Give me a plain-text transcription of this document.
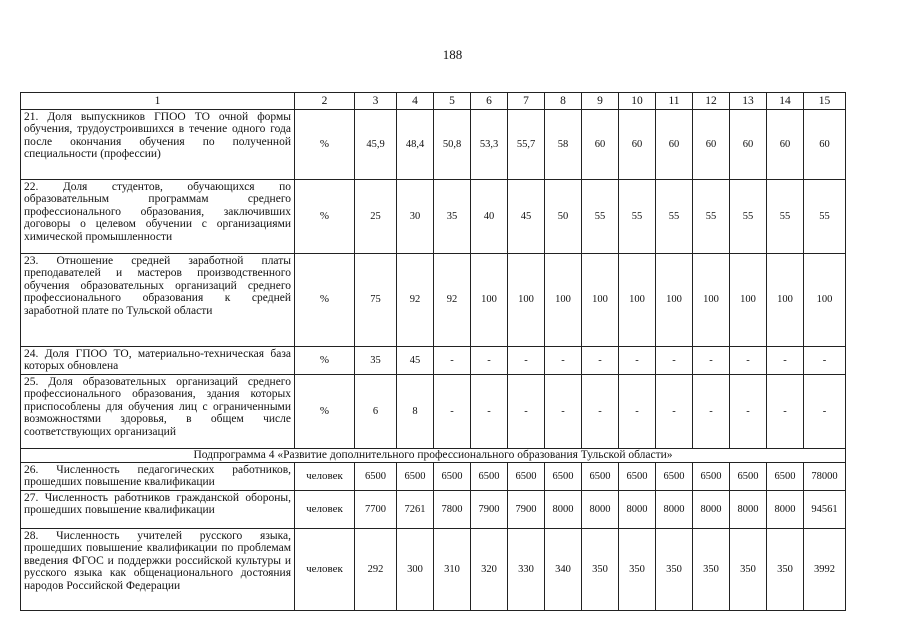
188
1	2	3	4	5	6	7	8	9	10	11	12	13	14	15
21. Доля выпускников ГПОО ТО очной формы обучения, трудоустроившихся в течение одного года после окончания обучения по полученной специальности (профессии)	%	45,9	48,4	50,8	53,3	55,7	58	60	60	60	60	60	60	60
22. Доля студентов, обучающихся по образовательным программам среднего профессионального образования, заключивших договоры о целевом обучении с организациями химической промышленности	%	25	30	35	40	45	50	55	55	55	55	55	55	55
23. Отношение средней заработной платы преподавателей и мастеров производственного обучения образовательных организаций среднего профессионального образования к средней заработной плате по Тульской области	%	75	92	92	100	100	100	100	100	100	100	100	100	100
24. Доля ГПОО ТО, материально-техническая база которых обновлена	%	35	45	-	-	-	-	-	-	-	-	-	-	-
25. Доля образовательных организаций среднего профессионального образования, здания которых приспособлены для обучения лиц с ограниченными возможностями здоровья, в общем числе соответствующих организаций	%	6	8	-	-	-	-	-	-	-	-	-	-	-
Подпрограмма 4 «Развитие дополнительного профессионального образования Тульской области»														
26. Численность педагогических работников, прошедших повышение квалификации	человек	6500	6500	6500	6500	6500	6500	6500	6500	6500	6500	6500	6500	78000
27. Численность работников гражданской обороны, прошедших повышение квалификации	человек	7700	7261	7800	7900	7900	8000	8000	8000	8000	8000	8000	8000	94561
28. Численность учителей русского языка, прошедших повышение квалификации по проблемам введения ФГОС и поддержки российской культуры и русского языка как общенационального достояния народов Российской Федерации	человек	292	300	310	320	330	340	350	350	350	350	350	350	3992
